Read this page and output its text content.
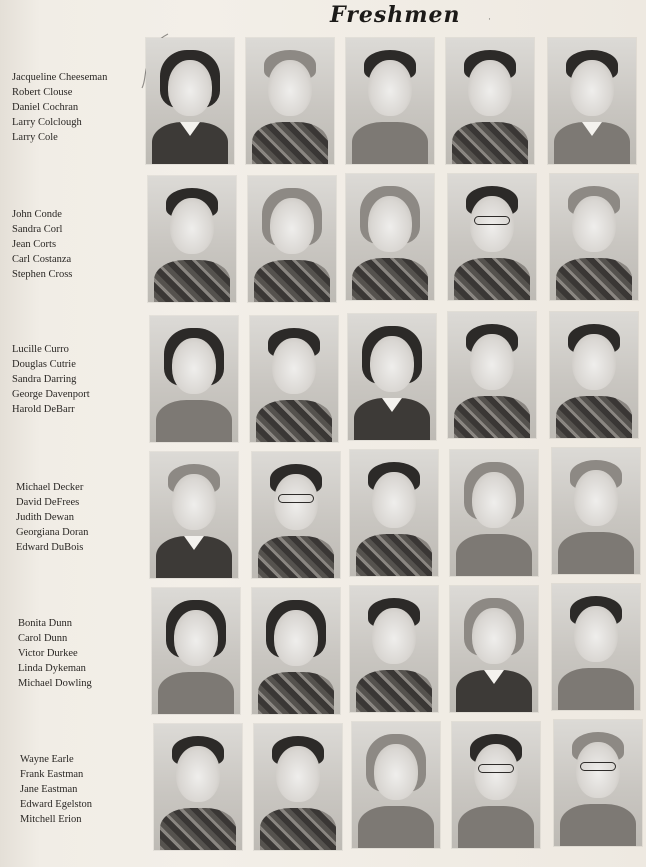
Freshmen	·
Jacqueline Cheeseman
Robert Clouse
Daniel Cochran
Larry Colclough
Larry Cole
John Conde
Sandra Corl
Jean Corts
Carl Costanza
Stephen Cross
Lucille Curro
Douglas Cutrie
Sandra Darring
George Davenport
Harold DeBarr
Michael Decker
David DeFrees
Judith Dewan
Georgiana Doran
Edward DuBois
Bonita Dunn
Carol Dunn
Victor Durkee
Linda Dykeman
Michael Dowling
Wayne Earle
Frank Eastman
Jane Eastman
Edward Egelston
Mitchell Erion
